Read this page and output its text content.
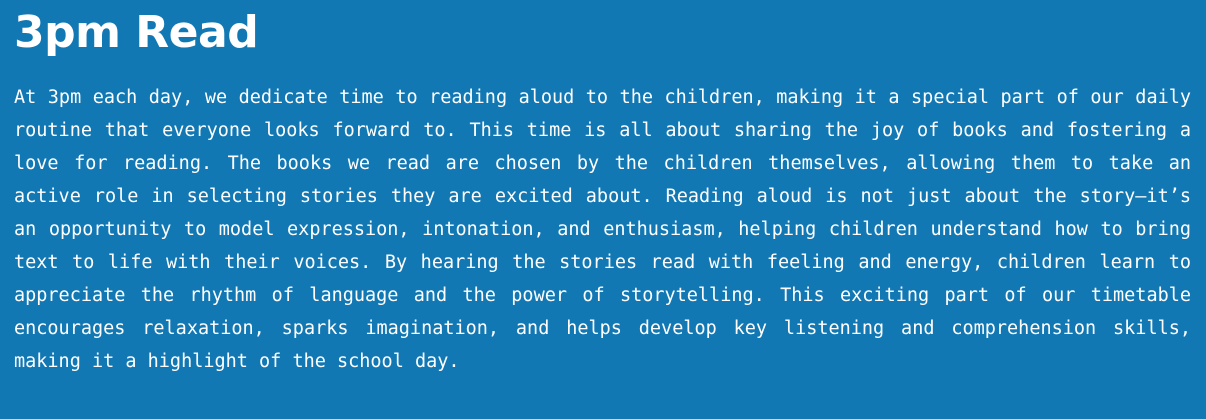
3pm Read

At 3pm each day, we dedicate time to reading aloud to the children, making it a special part of our daily routine that everyone looks forward to. This time is all about sharing the joy of books and fostering a love for reading. The books we read are chosen by the children themselves, allowing them to take an active role in selecting stories they are excited about. Reading aloud is not just about the story—it’s an opportunity to model expression, intonation, and enthusiasm, helping children understand how to bring text to life with their voices. By hearing the stories read with feeling and energy, children learn to appreciate the rhythm of language and the power of storytelling. This exciting part of our timetable encourages relaxation, sparks imagination, and helps develop key listening and comprehension skills, making it a highlight of the school day.
